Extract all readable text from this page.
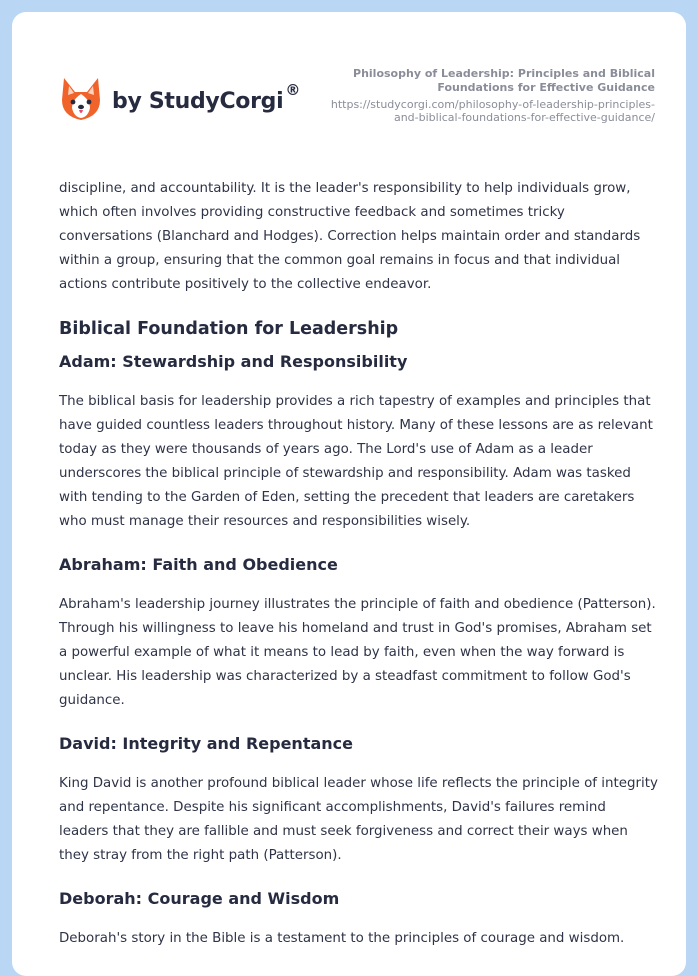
by StudyCorgi ®
Philosophy of Leadership: Principles and Biblical Foundations for Effective Guidance
https://studycorgi.com/philosophy-of-leadership-principles-and-biblical-foundations-for-effective-guidance/

discipline, and accountability. It is the leader's responsibility to help individuals grow, which often involves providing constructive feedback and sometimes tricky conversations (Blanchard and Hodges). Correction helps maintain order and standards within a group, ensuring that the common goal remains in focus and that individual actions contribute positively to the collective endeavor.

Biblical Foundation for Leadership
Adam: Stewardship and Responsibility

The biblical basis for leadership provides a rich tapestry of examples and principles that have guided countless leaders throughout history. Many of these lessons are as relevant today as they were thousands of years ago. The Lord's use of Adam as a leader underscores the biblical principle of stewardship and responsibility. Adam was tasked with tending to the Garden of Eden, setting the precedent that leaders are caretakers who must manage their resources and responsibilities wisely.

Abraham: Faith and Obedience

Abraham's leadership journey illustrates the principle of faith and obedience (Patterson). Through his willingness to leave his homeland and trust in God's promises, Abraham set a powerful example of what it means to lead by faith, even when the way forward is unclear. His leadership was characterized by a steadfast commitment to follow God's guidance.

David: Integrity and Repentance

King David is another profound biblical leader whose life reflects the principle of integrity and repentance. Despite his significant accomplishments, David's failures remind leaders that they are fallible and must seek forgiveness and correct their ways when they stray from the right path (Patterson).

Deborah: Courage and Wisdom

Deborah's story in the Bible is a testament to the principles of courage and wisdom.
